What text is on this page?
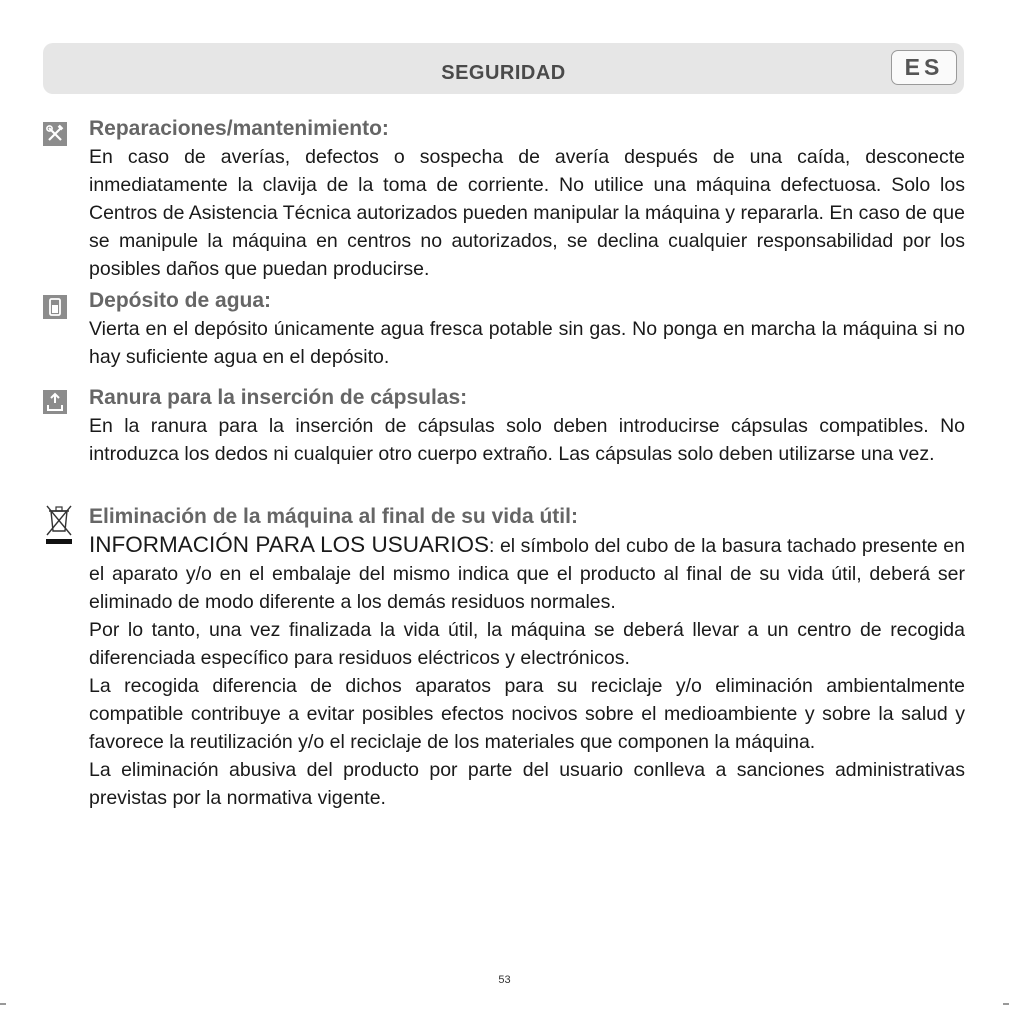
SEGURIDAD	ES
Reparaciones/mantenimiento:

En caso de averías, defectos o sospecha de avería después de una caída, desconecte inmediatamente la clavija de la toma de corriente. No utilice una máquina defectuosa. Solo los Centros de Asistencia Técnica autorizados pueden manipular la máquina y repararla. En caso de que se manipule la máquina en centros no autorizados, se declina cualquier responsabilidad por los posibles daños que puedan producirse.

Depósito de agua:

Vierta en el depósito únicamente agua fresca potable sin gas. No ponga en marcha la máquina si no hay suficiente agua en el depósito.

Ranura para la inserción de cápsulas:

En la ranura para la inserción de cápsulas solo deben introducirse cápsulas compatibles. No introduzca los dedos ni cualquier otro cuerpo extraño. Las cápsulas solo deben utilizarse una vez.

Eliminación de la máquina al final de su vida útil:

INFORMACIÓN PARA LOS USUARIOS: el símbolo del cubo de la basura tachado presente en el aparato y/o en el embalaje del mismo indica que el producto al final de su vida útil, deberá ser eliminado de modo diferente a los demás residuos normales.

Por lo tanto, una vez finalizada la vida útil, la máquina se deberá llevar a un centro de recogida diferenciada específico para residuos eléctricos y electrónicos.

La recogida diferencia de dichos aparatos para su reciclaje y/o eliminación ambientalmente compatible contribuye a evitar posibles efectos nocivos sobre el medioambiente y sobre la salud y favorece la reutilización y/o el reciclaje de los materiales que componen la máquina.

La eliminación abusiva del producto por parte del usuario conlleva a sanciones administrativas previstas por la normativa vigente.

53
